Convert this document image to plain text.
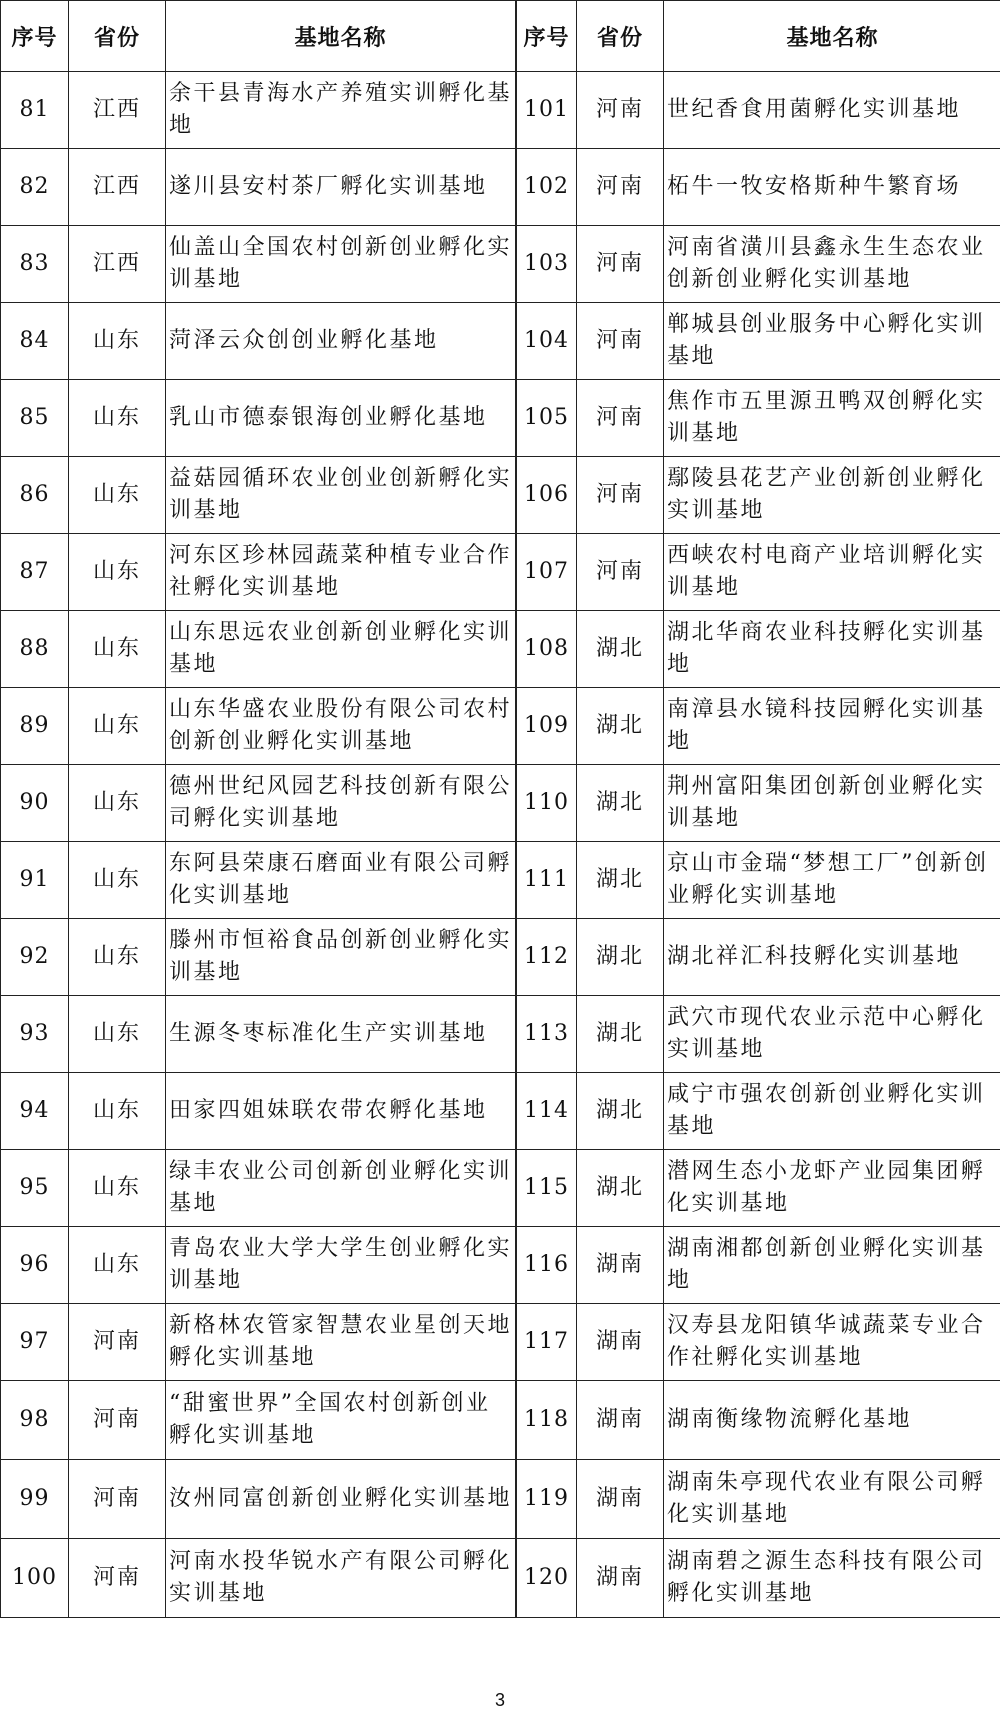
序号	省份	基地名称
81	江西	余干县青海水产养殖实训孵化基地
82	江西	遂川县安村茶厂孵化实训基地
83	江西	仙盖山全国农村创新创业孵化实训基地
84	山东	菏泽云众创创业孵化基地
85	山东	乳山市德泰银海创业孵化基地
86	山东	益菇园循环农业创业创新孵化实训基地
87	山东	河东区珍林园蔬菜种植专业合作社孵化实训基地
88	山东	山东思远农业创新创业孵化实训基地
89	山东	山东华盛农业股份有限公司农村创新创业孵化实训基地
90	山东	德州世纪风园艺科技创新有限公司孵化实训基地
91	山东	东阿县荣康石磨面业有限公司孵化实训基地
92	山东	滕州市恒裕食品创新创业孵化实训基地
93	山东	生源冬枣标准化生产实训基地
94	山东	田家四姐妹联农带农孵化基地
95	山东	绿丰农业公司创新创业孵化实训基地
96	山东	青岛农业大学大学生创业孵化实训基地
97	河南	新格林农管家智慧农业星创天地孵化实训基地
98	河南	“甜蜜世界”全国农村创新创业孵化实训基地
99	河南	汝州同富创新创业孵化实训基地
100	河南	河南水投华锐水产有限公司孵化实训基地
序号	省份	基地名称
101	河南	世纪香食用菌孵化实训基地
102	河南	柘牛一牧安格斯种牛繁育场
103	河南	河南省潢川县鑫永生生态农业创新创业孵化实训基地
104	河南	郸城县创业服务中心孵化实训基地
105	河南	焦作市五里源丑鸭双创孵化实训基地
106	河南	鄢陵县花艺产业创新创业孵化实训基地
107	河南	西峡农村电商产业培训孵化实训基地
108	湖北	湖北华商农业科技孵化实训基地
109	湖北	南漳县水镜科技园孵化实训基地
110	湖北	荆州富阳集团创新创业孵化实训基地
111	湖北	京山市金瑞“梦想工厂”创新创业孵化实训基地
112	湖北	湖北祥汇科技孵化实训基地
113	湖北	武穴市现代农业示范中心孵化实训基地
114	湖北	咸宁市强农创新创业孵化实训基地
115	湖北	潜网生态小龙虾产业园集团孵化实训基地
116	湖南	湖南湘都创新创业孵化实训基地
117	湖南	汉寿县龙阳镇华诚蔬菜专业合作社孵化实训基地
118	湖南	湖南衡缘物流孵化基地
119	湖南	湖南朱亭现代农业有限公司孵化实训基地
120	湖南	湖南碧之源生态科技有限公司孵化实训基地
3
